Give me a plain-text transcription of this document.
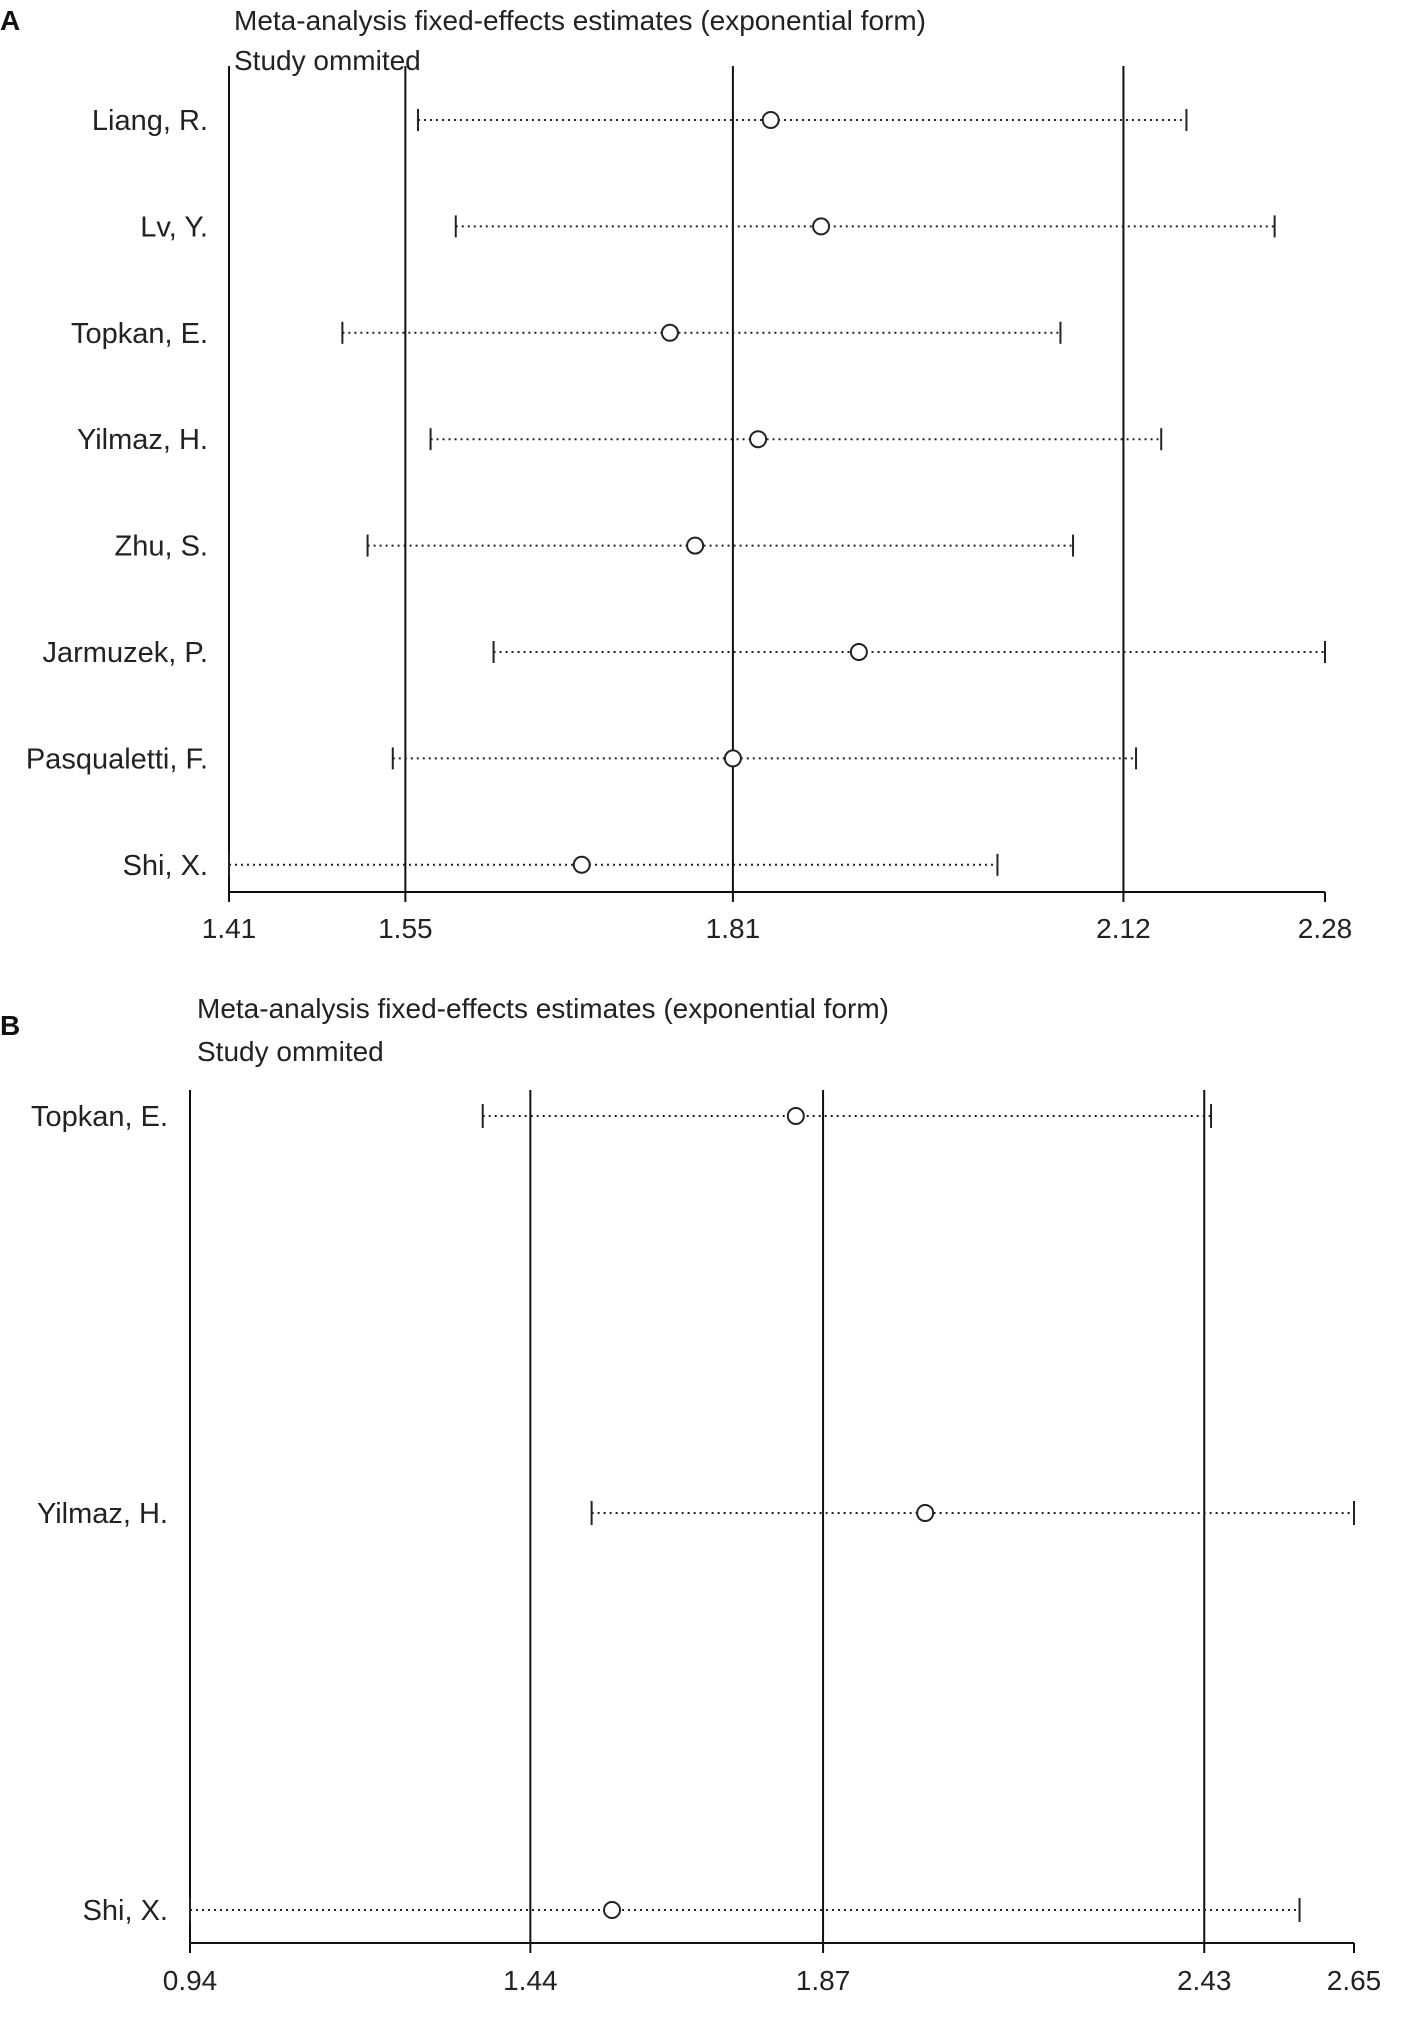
A	Meta-analysis fixed-effects estimates (exponential form)
Study ommited
1.41	1.55	1.81	2.12	2.28
Liang, R.
Lv, Y.
Topkan, E.
Yilmaz, H.
Zhu, S.
Jarmuzek, P.
Pasqualetti, F.
Shi, X.
B
Meta-analysis fixed-effects estimates (exponential form)
Study ommited
0.94	1.44	1.87	2.43	2.65
Topkan, E.
Yilmaz, H.
Shi, X.
